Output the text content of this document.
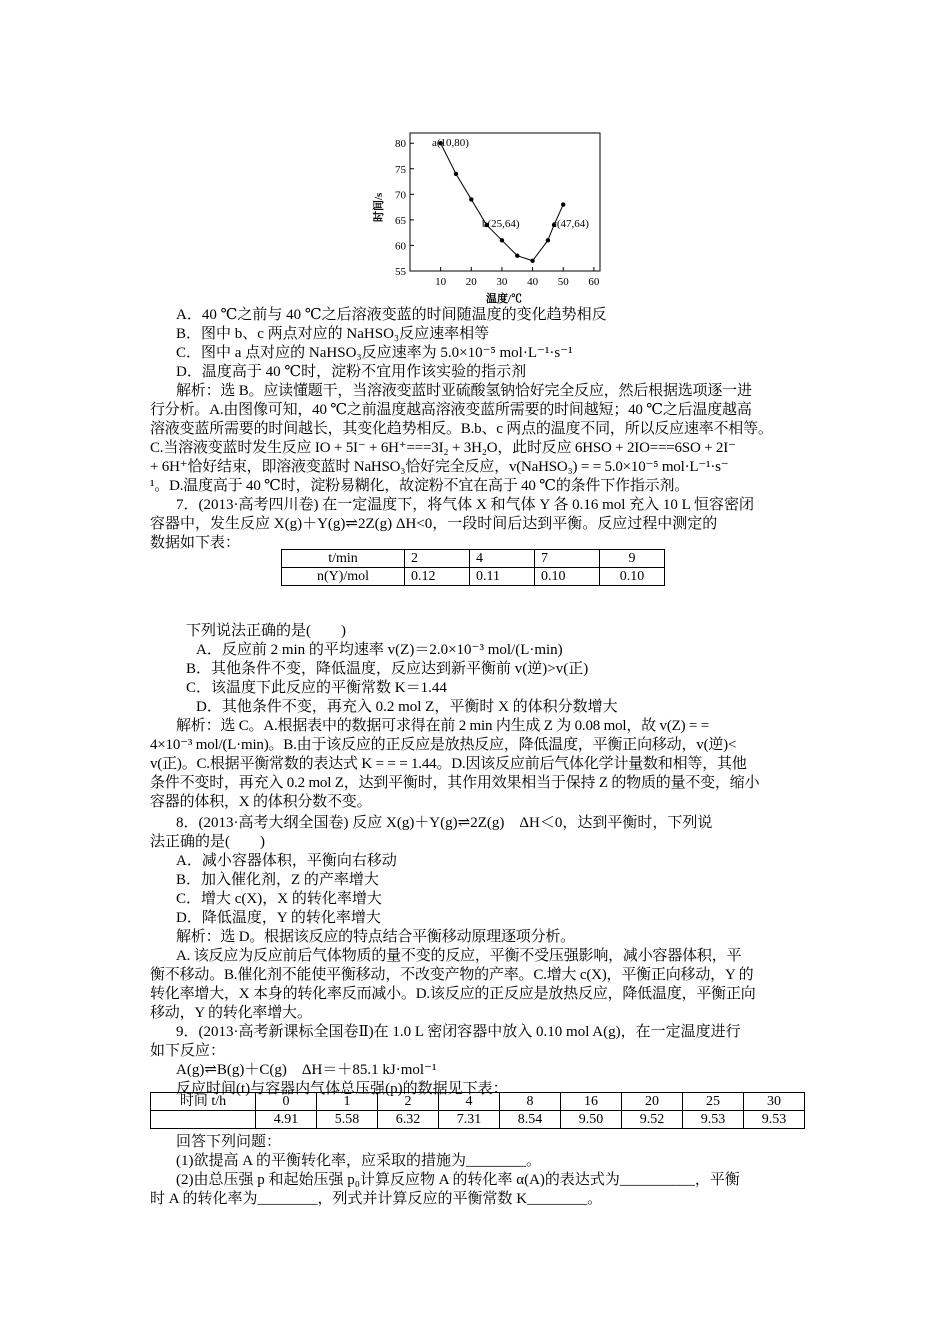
55
60
65
70
75
80
10 20 30 40 50 60
a(10,80)
b(25,64)	c(47,64)
温度/℃
时间/s
A．40 ℃之前与 40 ℃之后溶液变蓝的时间随温度的变化趋势相反
B．图中 b、c 两点对应的 NaHSO₃反应速率相等
C．图中 a 点对应的 NaHSO₃反应速率为 5.0×10⁻⁵ mol·L⁻¹·s⁻¹
D．温度高于 40 ℃时，淀粉不宜用作该实验的指示剂
解析：选 B。应读懂题干，当溶液变蓝时亚硫酸氢钠恰好完全反应，然后根据选项逐一进
行分析。A.由图像可知，40 ℃之前温度越高溶液变蓝所需要的时间越短；40 ℃之后温度越高
溶液变蓝所需要的时间越长，其变化趋势相反。B.b、c 两点的温度不同，所以反应速率不相等。
C.当溶液变蓝时发生反应 IO + 5I⁻ + 6H⁺===3I₂ + 3H₂O，此时反应 6HSO + 2IO===6SO + 2I⁻
+ 6H⁺恰好结束，即溶液变蓝时 NaHSO₃恰好完全反应，v(NaHSO₃) = = 5.0×10⁻⁵ mol·L⁻¹·s⁻
¹。D.温度高于 40 ℃时，淀粉易糊化，故淀粉不宜在高于 40 ℃的条件下作指示剂。
7．(2013·高考四川卷) 在一定温度下，将气体 X 和气体 Y 各 0.16 mol 充入 10 L 恒容密闭
容器中，发生反应 X(g)＋Y(g)⇌2Z(g) ΔH<0，一段时间后达到平衡。反应过程中测定的
数据如下表：
t/min	2	4	7	9
n(Y)/mol	0.12	0.11	0.10	0.10
下列说法正确的是(　　)
A．反应前 2 min 的平均速率 v(Z)＝2.0×10⁻³ mol/(L·min)
B．其他条件不变，降低温度，反应达到新平衡前 v(逆)>v(正)
C．该温度下此反应的平衡常数 K＝1.44
D．其他条件不变，再充入 0.2 mol Z，平衡时 X 的体积分数增大
解析：选 C。A.根据表中的数据可求得在前 2 min 内生成 Z 为 0.08 mol，故 v(Z) = =
4×10⁻³ mol/(L·min)。B.由于该反应的正反应是放热反应，降低温度，平衡正向移动，v(逆)<
v(正)。C.根据平衡常数的表达式 K = = = 1.44。D.因该反应前后气体化学计量数和相等，其他
条件不变时，再充入 0.2 mol Z，达到平衡时，其作用效果相当于保持 Z 的物质的量不变，缩小
容器的体积，X 的体积分数不变。
8．(2013·高考大纲全国卷) 反应 X(g)＋Y(g)⇌2Z(g)　ΔH＜0，达到平衡时，下列说
法正确的是(　　)
A．减小容器体积，平衡向右移动
B．加入催化剂，Z 的产率增大
C．增大 c(X)，X 的转化率增大
D．降低温度，Y 的转化率增大
解析：选 D。根据该反应的特点结合平衡移动原理逐项分析。
A. 该反应为反应前后气体物质的量不变的反应，平衡不受压强影响，减小容器体积，平
衡不移动。B.催化剂不能使平衡移动，不改变产物的产率。C.增大 c(X)，平衡正向移动，Y 的
转化率增大，X 本身的转化率反而减小。D.该反应的正反应是放热反应，降低温度，平衡正向
移动，Y 的转化率增大。
9．(2013·高考新课标全国卷Ⅱ)在 1.0 L 密闭容器中放入 0.10 mol A(g)，在一定温度进行
如下反应：
A(g)⇌B(g)＋C(g)　ΔH＝＋85.1 kJ·mol⁻¹
反应时间(t)与容器内气体总压强(p)的数据见下表：
时间 t/h	0	1	2	4	8	16	20	25	30
	4.91	5.58	6.32	7.31	8.54	9.50	9.52	9.53	9.53
回答下列问题：
(1)欲提高 A 的平衡转化率，应采取的措施为________。
(2)由总压强 p 和起始压强 p₀计算反应物 A 的转化率 α(A)的表达式为__________，平衡
时 A 的转化率为________，列式并计算反应的平衡常数 K________。
